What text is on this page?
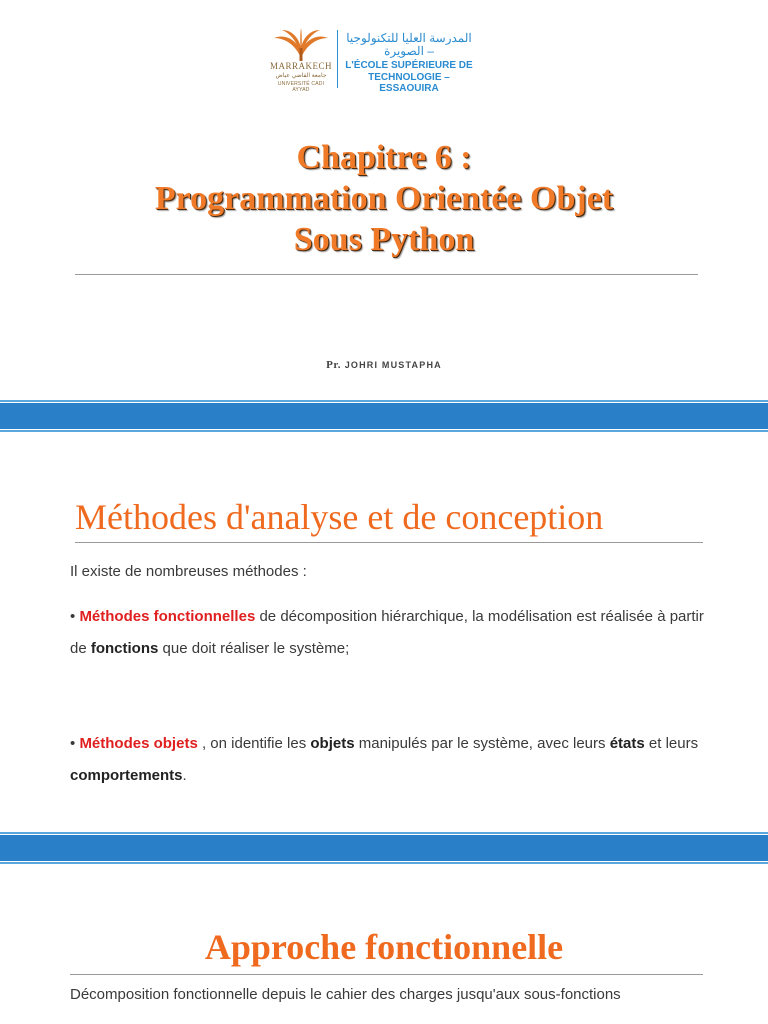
MARRAKECH
جامعة القاضي عياض
UNIVERSITÉ CADI AYYAD
المدرسة العليا للتكنولوجيا – الصويرة
L'ÉCOLE SUPÉRIEURE DE
TECHNOLOGIE – ESSAOUIRA
Chapitre 6 :
Programmation Orientée Objet
Sous Python
Pr. JOHRI MUSTAPHA
Méthodes d'analyse et de conception
Il existe de nombreuses méthodes :
• Méthodes fonctionnelles de décomposition hiérarchique, la modélisation est réalisée à partir de fonctions que doit réaliser le système;
• Méthodes objets , on identifie les objets manipulés par le système, avec leurs états et leurs comportements.
Approche fonctionnelle
Décomposition fonctionnelle depuis le cahier des charges jusqu'aux sous-fonctions
